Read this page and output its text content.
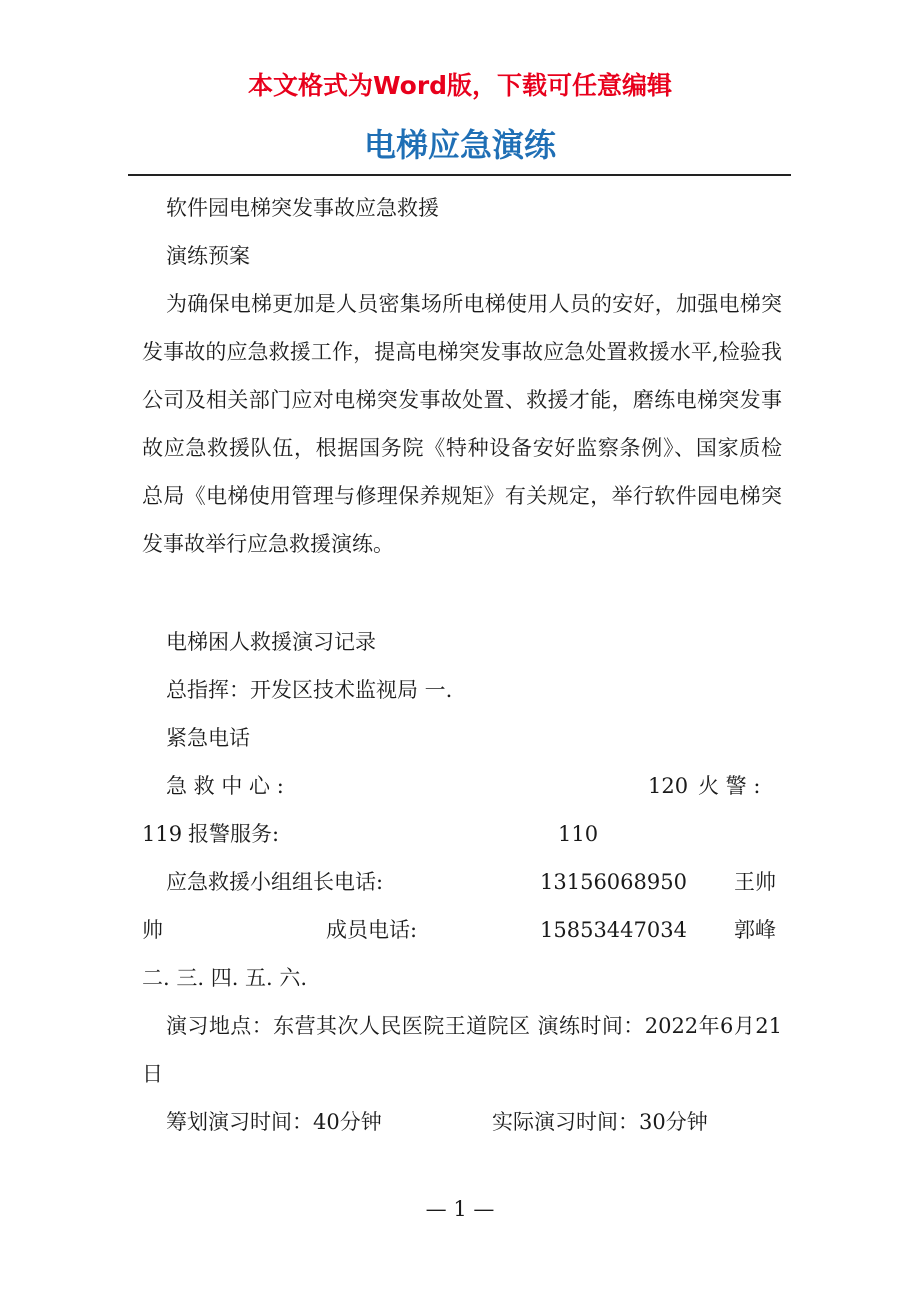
本文格式为Word版，下载可任意编辑
电梯应急演练
软件园电梯突发事故应急救援
演练预案

为确保电梯更加是人员密集场所电梯使用人员的安好，加强电梯突发事故的应急救援工作，提高电梯突发事故应急处置救援水平,检验我公司及相关部门应对电梯突发事故处置、救援才能，磨练电梯突发事故应急救援队伍，根据国务院《特种设备安好监察条例》、国家质检总局《电梯使用管理与修理保养规矩》有关规定，举行软件园电梯突发事故举行应急救援演练。

电梯困人救援演习记录
总指挥：开发区技术监视局 一.
紧急电话
急 救 中 心 :	120 火 警 :
119 报警服务:	110
应急救援小组组长电话:	13156068950 王帅
帅	成员电话:	15853447034 郭峰
二. 三. 四. 五. 六.

演习地点：东营其次人民医院王道院区 演练时间：2022年6月21日

筹划演习时间：40分钟	实际演习时间：30分钟
— 1 —
